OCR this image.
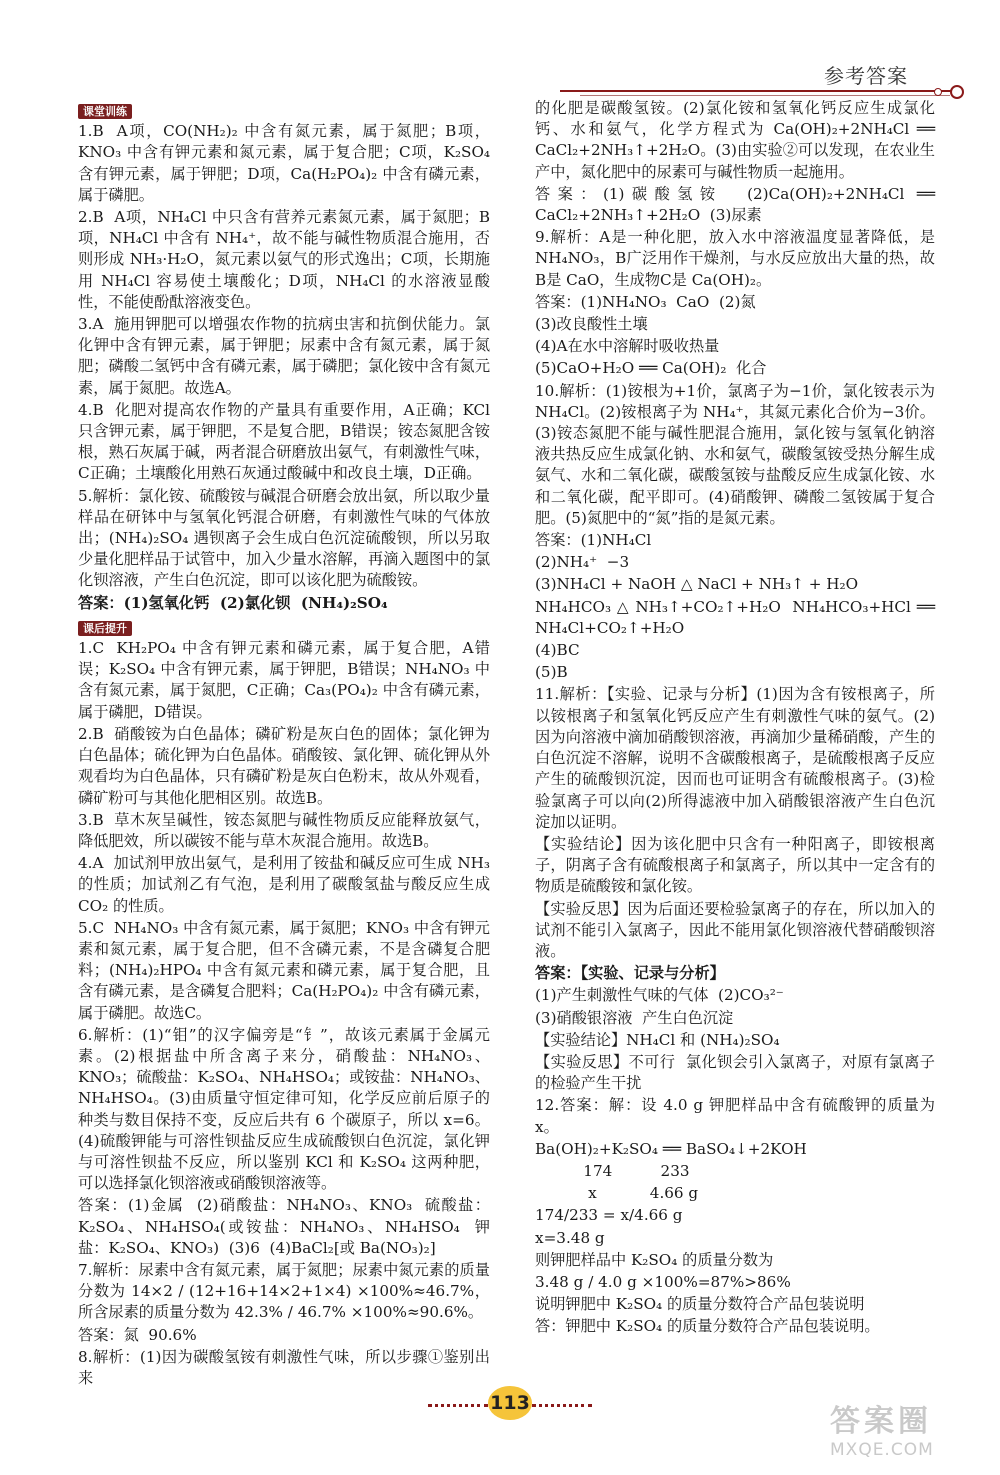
参考答案
课堂训练

1.B  A项，CO(NH₂)₂ 中含有氮元素，属于氮肥；B项，KNO₃ 中含有钾元素和氮元素，属于复合肥；C项，K₂SO₄ 含有钾元素，属于钾肥；D项，Ca(H₂PO₄)₂ 中含有磷元素，属于磷肥。

2.B  A项，NH₄Cl 中只含有营养元素氮元素，属于氮肥；B项，NH₄Cl 中含有 NH₄⁺，故不能与碱性物质混合施用，否则形成 NH₃·H₂O，氮元素以氨气的形式逸出；C项，长期施用 NH₄Cl 容易使土壤酸化；D项，NH₄Cl 的水溶液显酸性，不能使酚酞溶液变色。

3.A  施用钾肥可以增强农作物的抗病虫害和抗倒伏能力。氯化钾中含有钾元素，属于钾肥；尿素中含有氮元素，属于氮肥；磷酸二氢钙中含有磷元素，属于磷肥；氯化铵中含有氮元素，属于氮肥。故选A。

4.B  化肥对提高农作物的产量具有重要作用，A正确；KCl 只含钾元素，属于钾肥，不是复合肥，B错误；铵态氮肥含铵根，熟石灰属于碱，两者混合研磨放出氨气，有刺激性气味，C正确；土壤酸化用熟石灰通过酸碱中和改良土壤，D正确。

5.解析：氯化铵、硫酸铵与碱混合研磨会放出氨，所以取少量样品在研钵中与氢氧化钙混合研磨，有刺激性气味的气体放出；(NH₄)₂SO₄ 遇钡离子会生成白色沉淀硫酸钡，所以另取少量化肥样品于试管中，加入少量水溶解，再滴入题图中的氯化钡溶液，产生白色沉淀，即可以该化肥为硫酸铵。

答案：(1)氢氧化钙  (2)氯化钡  (NH₄)₂SO₄

课后提升

1.C  KH₂PO₄ 中含有钾元素和磷元素，属于复合肥，A错误；K₂SO₄ 中含有钾元素，属于钾肥，B错误；NH₄NO₃ 中含有氮元素，属于氮肥，C正确；Ca₃(PO₄)₂ 中含有磷元素，属于磷肥，D错误。

2.B  硝酸铵为白色晶体；磷矿粉是灰白色的固体；氯化钾为白色晶体；硫化钾为白色晶体。硝酸铵、氯化钾、硫化钾从外观看均为白色晶体，只有磷矿粉是灰白色粉末，故从外观看，磷矿粉可与其他化肥相区别。故选B。

3.B  草木灰呈碱性，铵态氮肥与碱性物质反应能释放氨气，降低肥效，所以碳铵不能与草木灰混合施用。故选B。

4.A  加试剂甲放出氨气，是利用了铵盐和碱反应可生成 NH₃ 的性质；加试剂乙有气泡，是利用了碳酸氢盐与酸反应生成 CO₂ 的性质。

5.C  NH₄NO₃ 中含有氮元素，属于氮肥；KNO₃ 中含有钾元素和氮元素，属于复合肥，但不含磷元素，不是含磷复合肥料；(NH₄)₂HPO₄ 中含有氮元素和磷元素，属于复合肥，且含有磷元素，是含磷复合肥料；Ca(H₂PO₄)₂ 中含有磷元素，属于磷肥。故选C。

6.解析：(1)“钼”的汉字偏旁是“钅”，故该元素属于金属元素。(2)根据盐中所含离子来分，硝酸盐：NH₄NO₃、KNO₃；硫酸盐：K₂SO₄、NH₄HSO₄；或铵盐：NH₄NO₃、NH₄HSO₄。(3)由质量守恒定律可知，化学反应前后原子的种类与数目保持不变，反应后共有 6 个碳原子，所以 x=6。(4)硫酸钾能与可溶性钡盐反应生成硫酸钡白色沉淀，氯化钾与可溶性钡盐不反应，所以鉴别 KCl 和 K₂SO₄ 这两种肥，可以选择氯化钡溶液或硝酸钡溶液等。

答案：(1)金属  (2)硝酸盐：NH₄NO₃、KNO₃  硫酸盐：K₂SO₄、NH₄HSO₄(或铵盐：NH₄NO₃、NH₄HSO₄  钾盐：K₂SO₄、KNO₃)  (3)6  (4)BaCl₂[或 Ba(NO₃)₂]

7.解析：尿素中含有氮元素，属于氮肥；尿素中氮元素的质量分数为 14×2 / (12+16+14×2+1×4) ×100%≈46.7%，所含尿素的质量分数为 42.3% / 46.7% ×100%≈90.6%。

答案：氮  90.6%

8.解析：(1)因为碳酸氢铵有刺激性气味，所以步骤①鉴别出来

的化肥是碳酸氢铵。(2)氯化铵和氢氧化钙反应生成氯化钙、水和氨气，化学方程式为 Ca(OH)₂+2NH₄Cl ══ CaCl₂+2NH₃↑+2H₂O。(3)由实验②可以发现，在农业生产中，氮化肥中的尿素可与碱性物质一起施用。

答案：(1)碳酸氢铵  (2)Ca(OH)₂+2NH₄Cl ══ CaCl₂+2NH₃↑+2H₂O  (3)尿素

9.解析：A是一种化肥，放入水中溶液温度显著降低，是 NH₄NO₃，B广泛用作干燥剂，与水反应放出大量的热，故B是 CaO，生成物C是 Ca(OH)₂。

答案：(1)NH₄NO₃  CaO  (2)氮

(3)改良酸性土壤

(4)A在水中溶解时吸收热量

(5)CaO+H₂O ══ Ca(OH)₂  化合

10.解析：(1)铵根为+1价，氯离子为−1价，氯化铵表示为 NH₄Cl。(2)铵根离子为 NH₄⁺，其氮元素化合价为−3价。(3)铵态氮肥不能与碱性肥混合施用，氯化铵与氢氧化钠溶液共热反应生成氯化钠、水和氨气，碳酸氢铵受热分解生成氨气、水和二氧化碳，碳酸氢铵与盐酸反应生成氯化铵、水和二氧化碳，配平即可。(4)硝酸钾、磷酸二氢铵属于复合肥。(5)氮肥中的“氮”指的是氮元素。

答案：(1)NH₄Cl

(2)NH₄⁺  −3

(3)NH₄Cl + NaOH △ NaCl + NH₃↑ + H₂O

NH₄HCO₃ △ NH₃↑+CO₂↑+H₂O  NH₄HCO₃+HCl ══ NH₄Cl+CO₂↑+H₂O

(4)BC

(5)B

11.解析：【实验、记录与分析】(1)因为含有铵根离子，所以铵根离子和氢氧化钙反应产生有刺激性气味的氨气。(2)因为向溶液中滴加硝酸钡溶液，再滴加少量稀硝酸，产生的白色沉淀不溶解，说明不含碳酸根离子，是硫酸根离子反应产生的硫酸钡沉淀，因而也可证明含有硫酸根离子。(3)检验氯离子可以向(2)所得滤液中加入硝酸银溶液产生白色沉淀加以证明。

【实验结论】因为该化肥中只含有一种阳离子，即铵根离子，阴离子含有硫酸根离子和氯离子，所以其中一定含有的物质是硫酸铵和氯化铵。

【实验反思】因为后面还要检验氯离子的存在，所以加入的试剂不能引入氯离子，因此不能用氯化钡溶液代替硝酸钡溶液。

答案：【实验、记录与分析】

(1)产生刺激性气味的气体  (2)CO₃²⁻

(3)硝酸银溶液  产生白色沉淀

【实验结论】NH₄Cl 和 (NH₄)₂SO₄

【实验反思】不可行  氯化钡会引入氯离子，对原有氯离子的检验产生干扰

12.答案：解：设 4.0 g 钾肥样品中含有硫酸钾的质量为 x。

Ba(OH)₂+K₂SO₄ ══ BaSO₄↓+2KOH

174          233

x           4.66 g

174/233 = x/4.66 g

x=3.48 g

则钾肥样品中 K₂SO₄ 的质量分数为

3.48 g / 4.0 g ×100%=87%>86%

说明钾肥中 K₂SO₄ 的质量分数符合产品包装说明

答：钾肥中 K₂SO₄ 的质量分数符合产品包装说明。

113
答案圈
MXQE.COM
